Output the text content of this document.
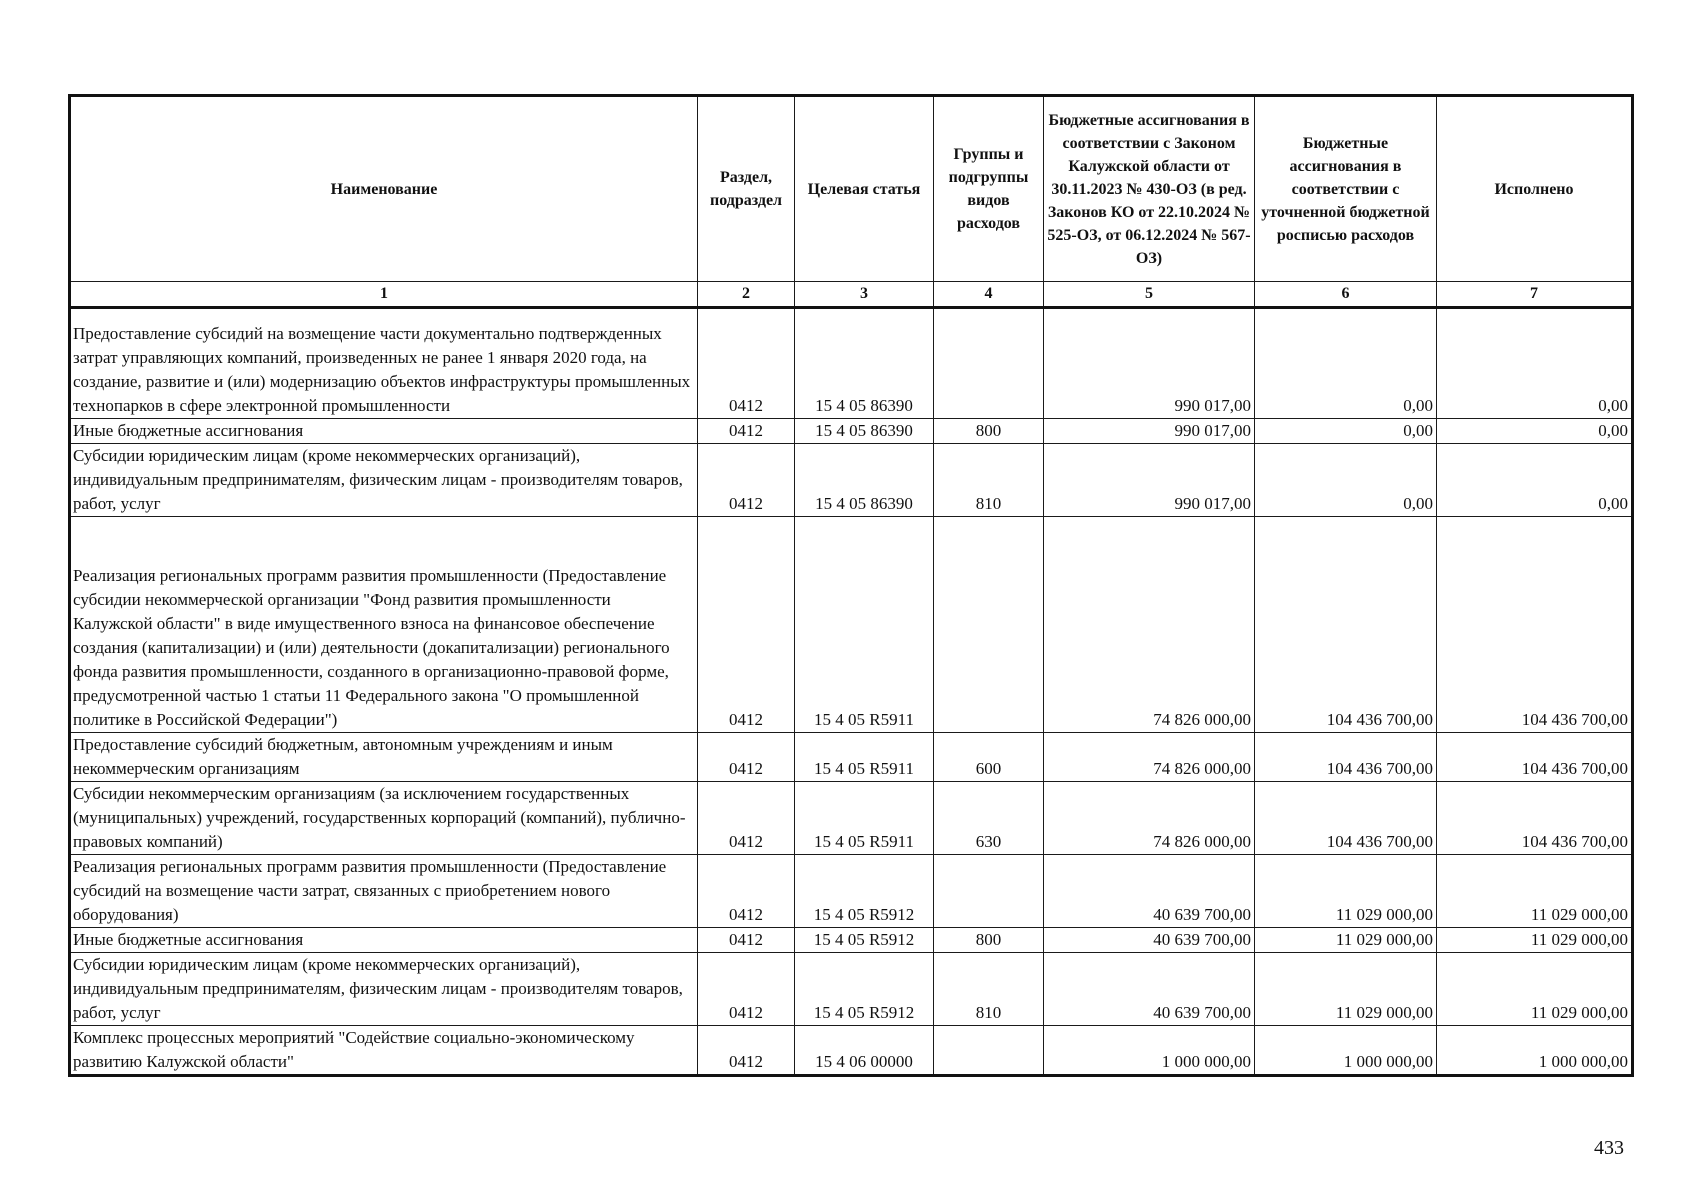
Наименование	Раздел, подраздел	Целевая статья	Группы и подгруппы видов расходов	Бюджетные ассигнования в соответствии с Законом Калужской области от 30.11.2023 № 430-ОЗ (в ред. Законов КО от 22.10.2024 № 525-ОЗ, от 06.12.2024 № 567-ОЗ)	Бюджетные ассигнования в соответствии с уточненной бюджетной росписью расходов	Исполнено
1	2	3	4	5	6	7
Предоставление субсидий на возмещение части документально подтвержденных затрат управляющих компаний, произведенных не ранее 1 января 2020 года, на создание, развитие и (или) модернизацию объектов инфраструктуры промышленных технопарков в сфере электронной промышленности	0412	15 4 05 86390		990 017,00	0,00	0,00
Иные бюджетные ассигнования	0412	15 4 05 86390	800	990 017,00	0,00	0,00
Субсидии юридическим лицам (кроме некоммерческих организаций), индивидуальным предпринимателям, физическим лицам - производителям товаров, работ, услуг	0412	15 4 05 86390	810	990 017,00	0,00	0,00
Реализация региональных программ развития промышленности (Предоставление субсидии некоммерческой организации "Фонд развития промышленности Калужской области" в виде имущественного взноса на финансовое обеспечение создания (капитализации) и (или) деятельности (докапитализации) регионального фонда развития промышленности, созданного в организационно-правовой форме, предусмотренной частью 1 статьи 11 Федерального закона "О промышленной политике в Российской Федерации")	0412	15 4 05 R5911		74 826 000,00	104 436 700,00	104 436 700,00
Предоставление субсидий бюджетным, автономным учреждениям и иным некоммерческим организациям	0412	15 4 05 R5911	600	74 826 000,00	104 436 700,00	104 436 700,00
Субсидии некоммерческим организациям (за исключением государственных (муниципальных) учреждений, государственных корпораций (компаний), публично-правовых компаний)	0412	15 4 05 R5911	630	74 826 000,00	104 436 700,00	104 436 700,00
Реализация региональных программ развития промышленности (Предоставление субсидий на возмещение части затрат, связанных с приобретением нового оборудования)	0412	15 4 05 R5912		40 639 700,00	11 029 000,00	11 029 000,00
Иные бюджетные ассигнования	0412	15 4 05 R5912	800	40 639 700,00	11 029 000,00	11 029 000,00
Субсидии юридическим лицам (кроме некоммерческих организаций), индивидуальным предпринимателям, физическим лицам - производителям товаров, работ, услуг	0412	15 4 05 R5912	810	40 639 700,00	11 029 000,00	11 029 000,00
Комплекс процессных мероприятий "Содействие социально-экономическому развитию Калужской области"	0412	15 4 06 00000		1 000 000,00	1 000 000,00	1 000 000,00
433
